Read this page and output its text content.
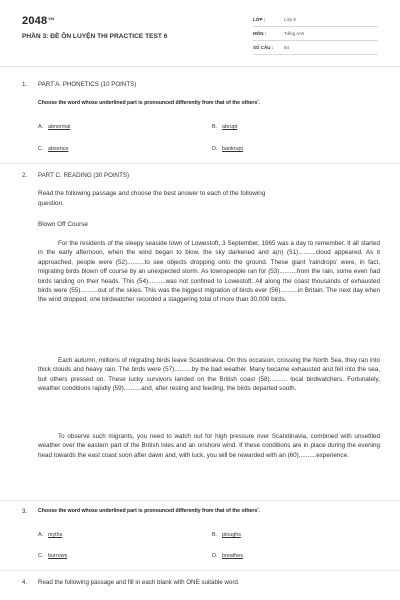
$2048^{VN}$
PHẦN 3: ĐỀ ÔN LUYỆN THI PRACTICE TEST 6
LỚP :	Lớp 9
MÔN :	Tiếng Anh
SỐ CÂU : 84
1. PART A. PHONETICS (10 POINTS)
Choose the word whose underlined part is pronounced differently from that of the others'.
A. abnormal	B. abrupt
C. absence	D. bankrupt
2. PART C. READING (30 POINTS)
Read the following passage and choose the best answer to each of the following
question.
Blown Off Course
For the residents of the sleepy seaside town of Lowestoft, 3 September, 1965 was a day to remember. It all started in the early afternoon, when the wind began to blow, the sky darkened and a(n) (51)..........cloud appeared. As it approached, people were (52)..........to see objects dropping onto the ground. These giant 'raindrops' were, in fact, migrating birds blown off course by an unexpected storm. As townspeople ran for (53)..........from the rain, some even had birds landing on their heads. This (54)..........was not confined to Lowestoft. All along the coast thousands of exhausted birds were (55)..........out of the skies. This was the biggest migration of birds ever (56)..........in Britain. The next day when the wind dropped, one birdwatcher recorded a staggering total of more than 30,000 birds.
Each autumn, millions of migrating birds leave Scandinavia. On this occasion, crossing the North Sea, they ran into thick clouds and heavy rain. The birds were (57)..........by the bad weather. Many became exhausted and fell into the sea, but others pressed on. These lucky survivors landed on the British coast (58).......... local birdwatchers. Fortunately, weather conditions rapidly (59)..........and, after resting and feeding, the birds departed south.
To observe such migrants, you need to watch out for high pressure over Scandinavia, combined with unsettled weather over the eastern part of the British Isles and an onshore wind. If these conditions are in place during the evening head towards the east coast soon after dawn and, with luck, you will be rewarded with an (60)..........experience.
3. Choose the word whose underlined part is pronounced differently from that of the others'.
A. myths	B. ploughs
C. burrows	D. breathes
4. Read the following passage and fill in each blank with ONE suitable word.
